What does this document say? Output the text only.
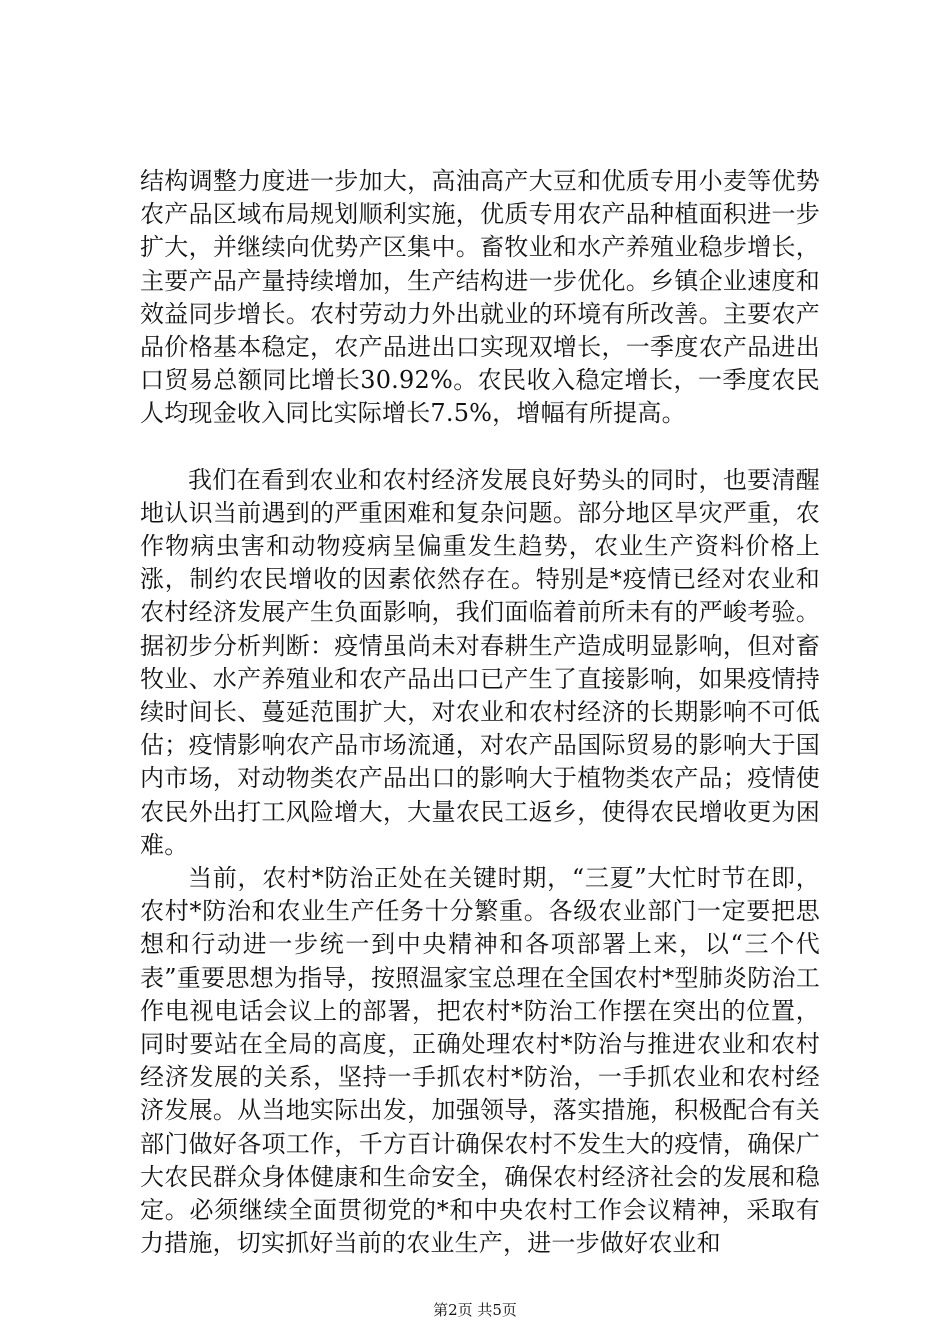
结构调整力度进一步加大，高油高产大豆和优质专用小麦等优势农产品区域布局规划顺利实施，优质专用农产品种植面积进一步扩大，并继续向优势产区集中。畜牧业和水产养殖业稳步增长，主要产品产量持续增加，生产结构进一步优化。乡镇企业速度和效益同步增长。农村劳动力外出就业的环境有所改善。主要农产品价格基本稳定，农产品进出口实现双增长，一季度农产品进出口贸易总额同比增长30.92%。农民收入稳定增长，一季度农民人均现金收入同比实际增长7.5%，增幅有所提高。

我们在看到农业和农村经济发展良好势头的同时，也要清醒地认识当前遇到的严重困难和复杂问题。部分地区旱灾严重，农作物病虫害和动物疫病呈偏重发生趋势，农业生产资料价格上涨，制约农民增收的因素依然存在。特别是*疫情已经对农业和农村经济发展产生负面影响，我们面临着前所未有的严峻考验。据初步分析判断：疫情虽尚未对春耕生产造成明显影响，但对畜牧业、水产养殖业和农产品出口已产生了直接影响，如果疫情持续时间长、蔓延范围扩大，对农业和农村经济的长期影响不可低估；疫情影响农产品市场流通，对农产品国际贸易的影响大于国内市场，对动物类农产品出口的影响大于植物类农产品；疫情使农民外出打工风险增大，大量农民工返乡，使得农民增收更为困难。

当前，农村*防治正处在关键时期，“三夏”大忙时节在即，农村*防治和农业生产任务十分繁重。各级农业部门一定要把思想和行动进一步统一到中央精神和各项部署上来，以“三个代表”重要思想为指导，按照温家宝总理在全国农村*型肺炎防治工作电视电话会议上的部署，把农村*防治工作摆在突出的位置，同时要站在全局的高度，正确处理农村*防治与推进农业和农村经济发展的关系，坚持一手抓农村*防治，一手抓农业和农村经济发展。从当地实际出发，加强领导，落实措施，积极配合有关部门做好各项工作，千方百计确保农村不发生大的疫情，确保广大农民群众身体健康和生命安全，确保农村经济社会的发展和稳定。必须继续全面贯彻党的*和中央农村工作会议精神，采取有力措施，切实抓好当前的农业生产，进一步做好农业和

第2页 共5页
